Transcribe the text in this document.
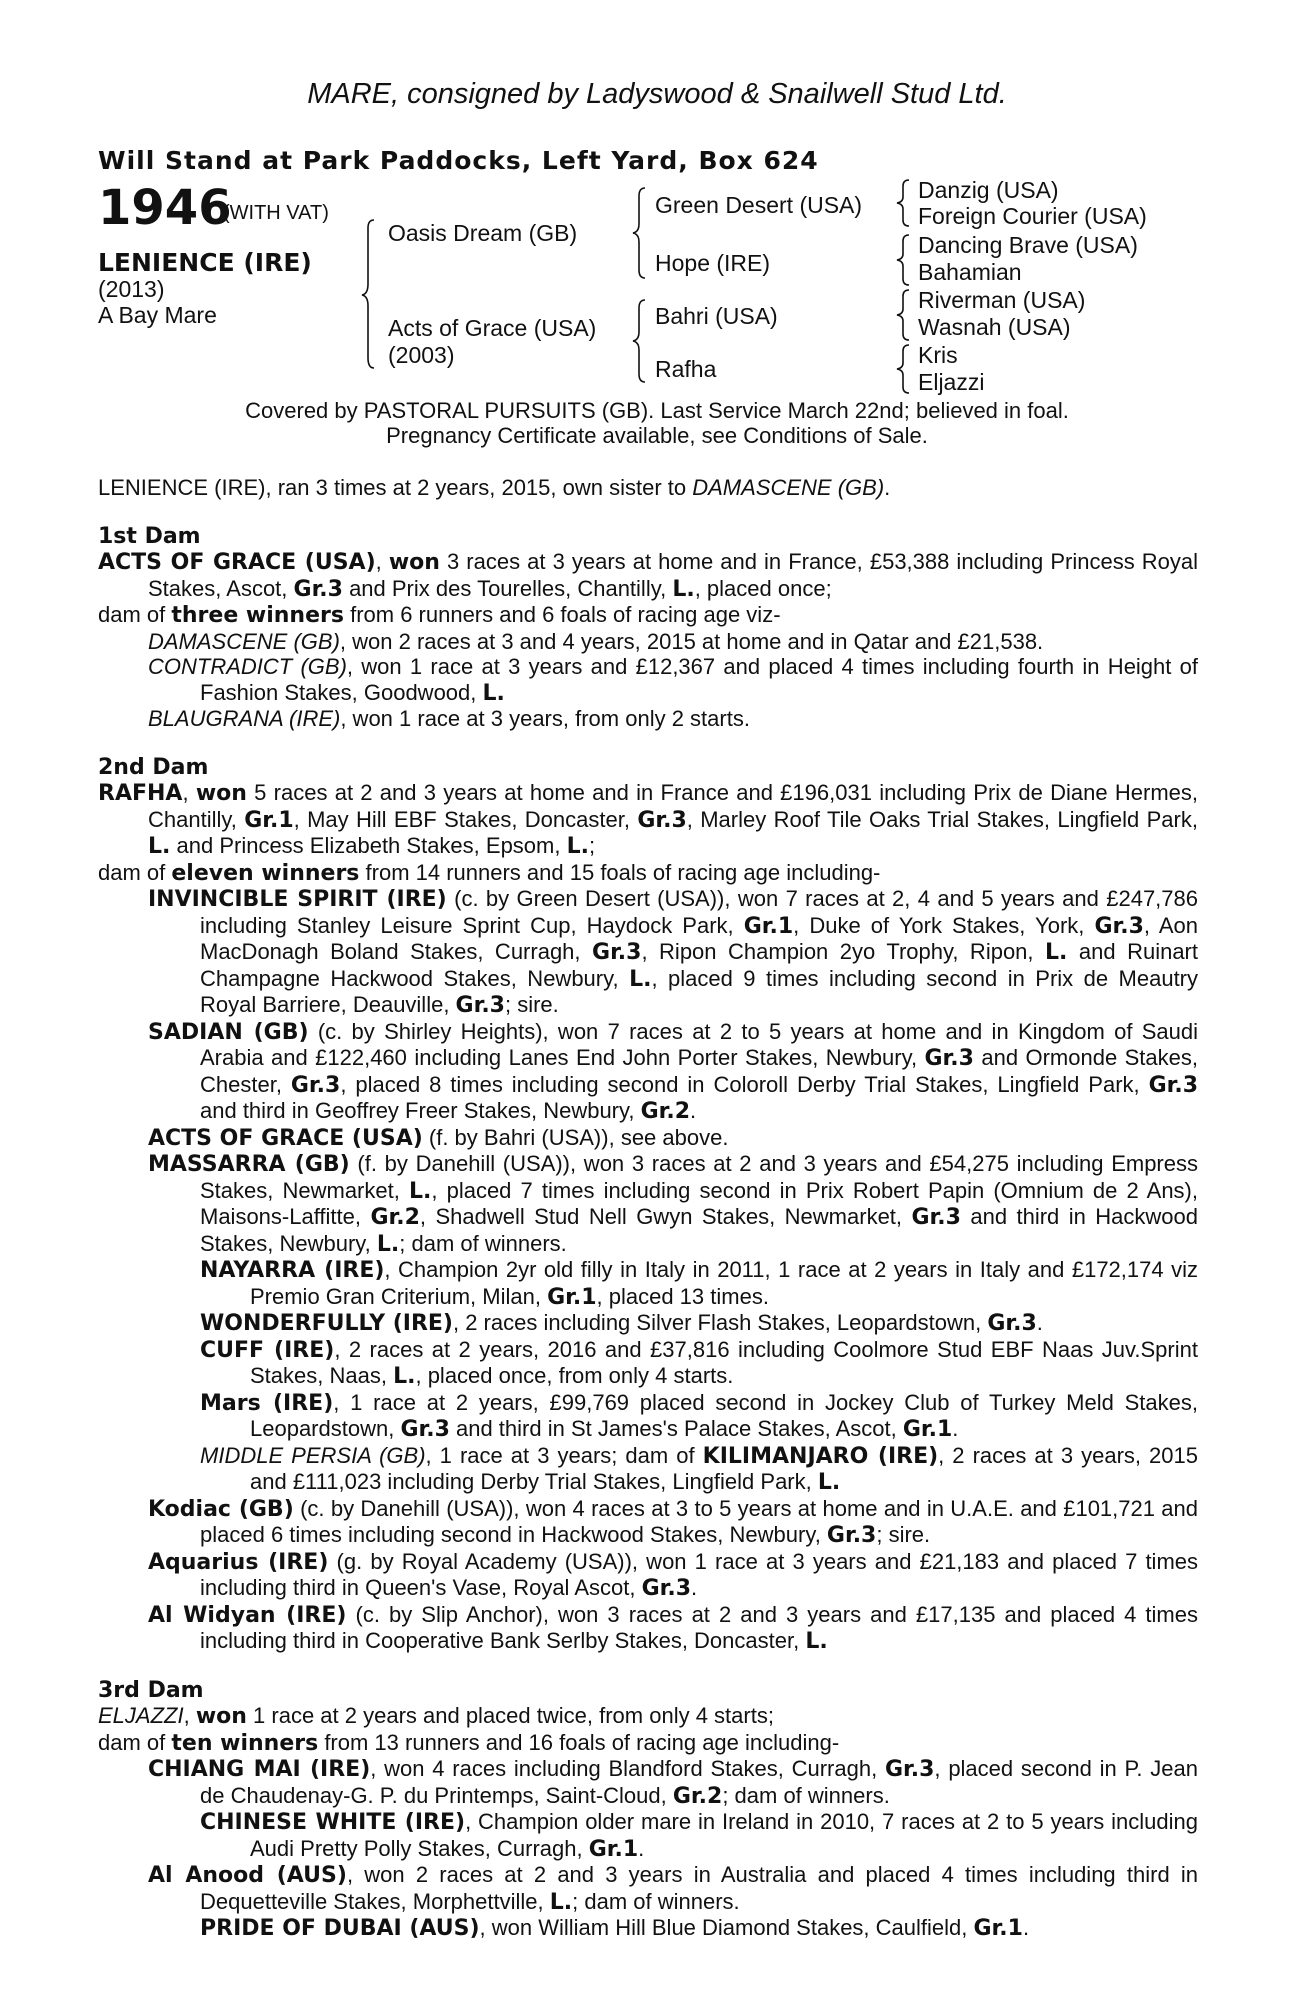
MARE, consigned by Ladyswood & Snailwell Stud Ltd.
Will Stand at Park Paddocks, Left Yard, Box 624
1946
(WITH VAT)
LENIENCE (IRE)
(2013)
A Bay Mare
Oasis Dream (GB)
Acts of Grace (USA)
(2003)
Green Desert (USA)
Hope (IRE)
Bahri (USA)
Rafha
Danzig (USA)
Foreign Courier (USA)
Dancing Brave (USA)
Bahamian
Riverman (USA)
Wasnah (USA)
Kris
Eljazzi
Covered by PASTORAL PURSUITS (GB). Last Service March 22nd; believed in foal.
Pregnancy Certificate available, see Conditions of Sale.

LENIENCE (IRE), ran 3 times at 2 years, 2015, own sister to DAMASCENE (GB).

1st Dam

ACTS OF GRACE (USA), won 3 races at 3 years at home and in France, £53,388 including Princess Royal Stakes, Ascot, Gr.3 and Prix des Tourelles, Chantilly, L., placed once;

dam of three winners from 6 runners and 6 foals of racing age viz-

DAMASCENE (GB), won 2 races at 3 and 4 years, 2015 at home and in Qatar and £21,538.

CONTRADICT (GB), won 1 race at 3 years and £12,367 and placed 4 times including fourth in Height of Fashion Stakes, Goodwood, L.

BLAUGRANA (IRE), won 1 race at 3 years, from only 2 starts.

2nd Dam

RAFHA, won 5 races at 2 and 3 years at home and in France and £196,031 including Prix de Diane Hermes, Chantilly, Gr.1, May Hill EBF Stakes, Doncaster, Gr.3, Marley Roof Tile Oaks Trial Stakes, Lingfield Park, L. and Princess Elizabeth Stakes, Epsom, L.;

dam of eleven winners from 14 runners and 15 foals of racing age including-

INVINCIBLE SPIRIT (IRE) (c. by Green Desert (USA)), won 7 races at 2, 4 and 5 years and £247,786 including Stanley Leisure Sprint Cup, Haydock Park, Gr.1, Duke of York Stakes, York, Gr.3, Aon MacDonagh Boland Stakes, Curragh, Gr.3, Ripon Champion 2yo Trophy, Ripon, L. and Ruinart Champagne Hackwood Stakes, Newbury, L., placed 9 times including second in Prix de Meautry Royal Barriere, Deauville, Gr.3; sire.

SADIAN (GB) (c. by Shirley Heights), won 7 races at 2 to 5 years at home and in Kingdom of Saudi Arabia and £122,460 including Lanes End John Porter Stakes, Newbury, Gr.3 and Ormonde Stakes, Chester, Gr.3, placed 8 times including second in Coloroll Derby Trial Stakes, Lingfield Park, Gr.3 and third in Geoffrey Freer Stakes, Newbury, Gr.2.

ACTS OF GRACE (USA) (f. by Bahri (USA)), see above.

MASSARRA (GB) (f. by Danehill (USA)), won 3 races at 2 and 3 years and £54,275 including Empress Stakes, Newmarket, L., placed 7 times including second in Prix Robert Papin (Omnium de 2 Ans), Maisons-Laffitte, Gr.2, Shadwell Stud Nell Gwyn Stakes, Newmarket, Gr.3 and third in Hackwood Stakes, Newbury, L.; dam of winners.

NAYARRA (IRE), Champion 2yr old filly in Italy in 2011, 1 race at 2 years in Italy and £172,174 viz Premio Gran Criterium, Milan, Gr.1, placed 13 times.

WONDERFULLY (IRE), 2 races including Silver Flash Stakes, Leopardstown, Gr.3.

CUFF (IRE), 2 races at 2 years, 2016 and £37,816 including Coolmore Stud EBF Naas Juv.Sprint Stakes, Naas, L., placed once, from only 4 starts.

Mars (IRE), 1 race at 2 years, £99,769 placed second in Jockey Club of Turkey Meld Stakes, Leopardstown, Gr.3 and third in St James's Palace Stakes, Ascot, Gr.1.

MIDDLE PERSIA (GB), 1 race at 3 years; dam of KILIMANJARO (IRE), 2 races at 3 years, 2015 and £111,023 including Derby Trial Stakes, Lingfield Park, L.

Kodiac (GB) (c. by Danehill (USA)), won 4 races at 3 to 5 years at home and in U.A.E. and £101,721 and placed 6 times including second in Hackwood Stakes, Newbury, Gr.3; sire.

Aquarius (IRE) (g. by Royal Academy (USA)), won 1 race at 3 years and £21,183 and placed 7 times including third in Queen's Vase, Royal Ascot, Gr.3.

Al Widyan (IRE) (c. by Slip Anchor), won 3 races at 2 and 3 years and £17,135 and placed 4 times including third in Cooperative Bank Serlby Stakes, Doncaster, L.

3rd Dam

ELJAZZI, won 1 race at 2 years and placed twice, from only 4 starts;

dam of ten winners from 13 runners and 16 foals of racing age including-

CHIANG MAI (IRE), won 4 races including Blandford Stakes, Curragh, Gr.3, placed second in P. Jean de Chaudenay-G. P. du Printemps, Saint-Cloud, Gr.2; dam of winners.

CHINESE WHITE (IRE), Champion older mare in Ireland in 2010, 7 races at 2 to 5 years including Audi Pretty Polly Stakes, Curragh, Gr.1.

Al Anood (AUS), won 2 races at 2 and 3 years in Australia and placed 4 times including third in Dequetteville Stakes, Morphettville, L.; dam of winners.

PRIDE OF DUBAI (AUS), won William Hill Blue Diamond Stakes, Caulfield, Gr.1.
